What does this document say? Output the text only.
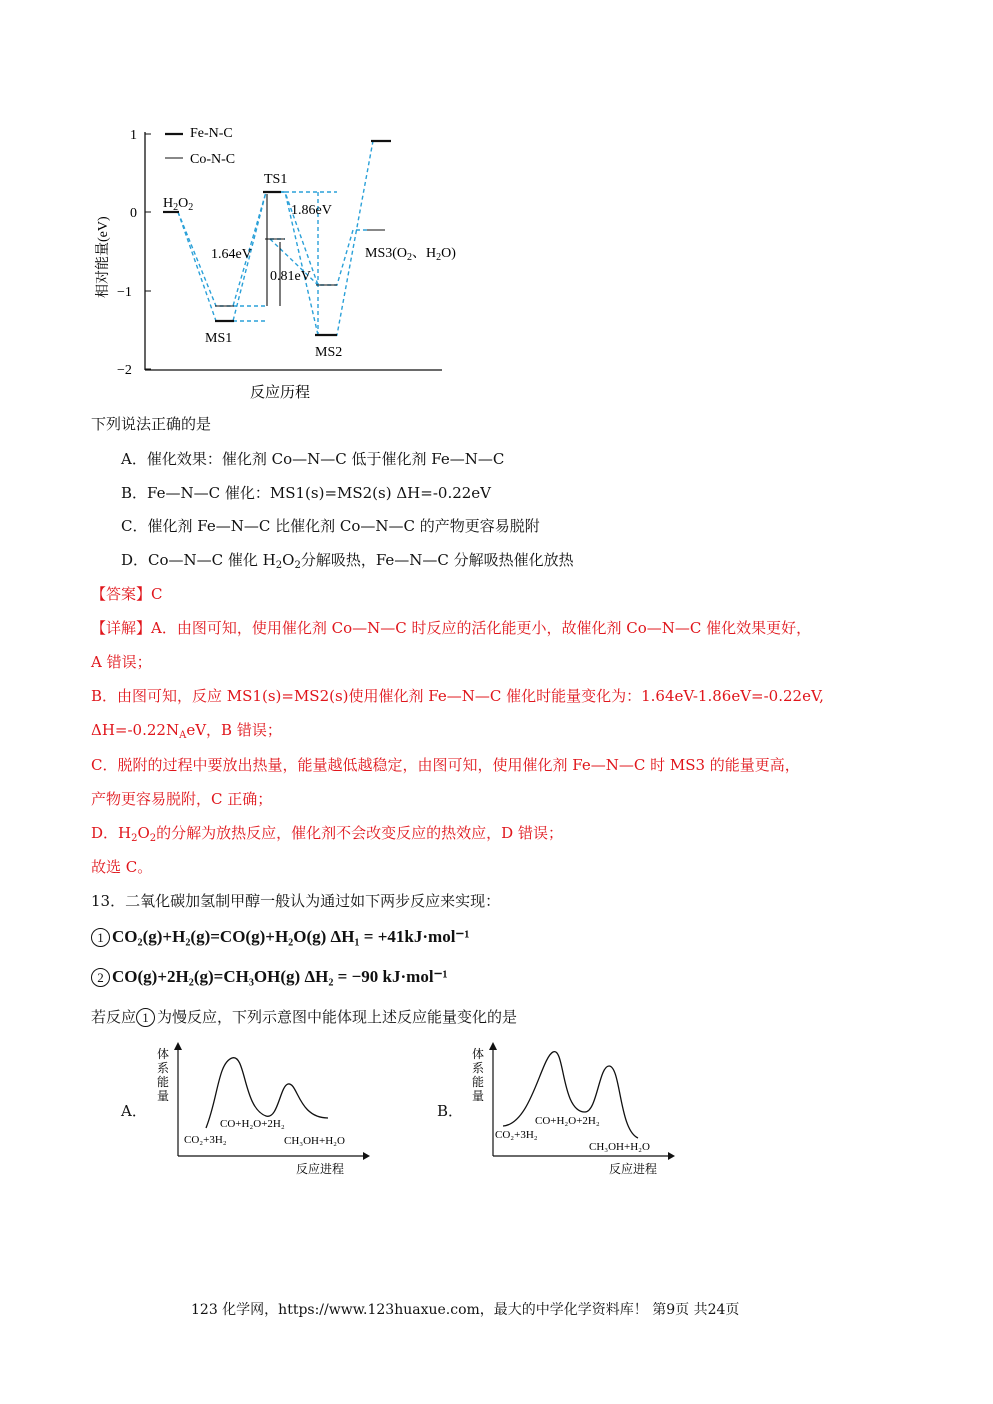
1
0
−1
−2
相对能量(eV)
反应历程
Fe-N-C
Co-N-C
$H_2O_2$
TS1
MS1
MS2
$MS3(O_2$、$H_2O$)
1.86eV
1.64eV
0.81eV
下列说法正确的是
A．催化效果：催化剂 Co—N—C 低于催化剂 Fe—N—C
B．Fe—N—C 催化：MS1(s)=MS2(s) ΔH=-0.22eV
C．催化剂 Fe—N—C 比催化剂 Co—N—C 的产物更容易脱附
D．Co—N—C 催化 $H_2O_2$分解吸热，Fe—N—C 分解吸热催化放热
【答案】C
【详解】A．由图可知，使用催化剂 Co—N—C 时反应的活化能更小，故催化剂 Co—N—C 催化效果更好，
A 错误；
B．由图可知，反应 MS1(s)=MS2(s)使用催化剂 Fe—N—C 催化时能量变化为：1.64eV-1.86eV=-0.22eV,
$\Delta H=-0.22N_AeV$，B 错误；
C．脱附的过程中要放出热量，能量越低越稳定，由图可知，使用催化剂 Fe—N—C 时 MS3 的能量更高，
产物更容易脱附，C 正确；
D．$H_2O_2$的分解为放热反应，催化剂不会改变反应的热效应，D 错误；
故选 C。
13．二氧化碳加氢制甲醇一般认为通过如下两步反应来实现：
1 CO₂(g)+H₂(g)=CO(g)+H₂O(g) ΔH₁ = +41kJ·mol⁻¹
2 CO(g)+2H₂(g)=CH₃OH(g) ΔH₂ = −90 kJ·mol⁻¹
若反应 1 为慢反应，下列示意图中能体现上述反应能量变化的是
A．	B．
体系能量
CO₂+3H₂
CO+H₂O+2H₂
CH₃OH+H₂O
反应进程
体系能量
CO₂+3H₂
CO+H₂O+2H₂
CH₃OH+H₂O
反应进程
123 化学网，https://www.123huaxue.com，最大的中学化学资料库！ 第9页 共24页
